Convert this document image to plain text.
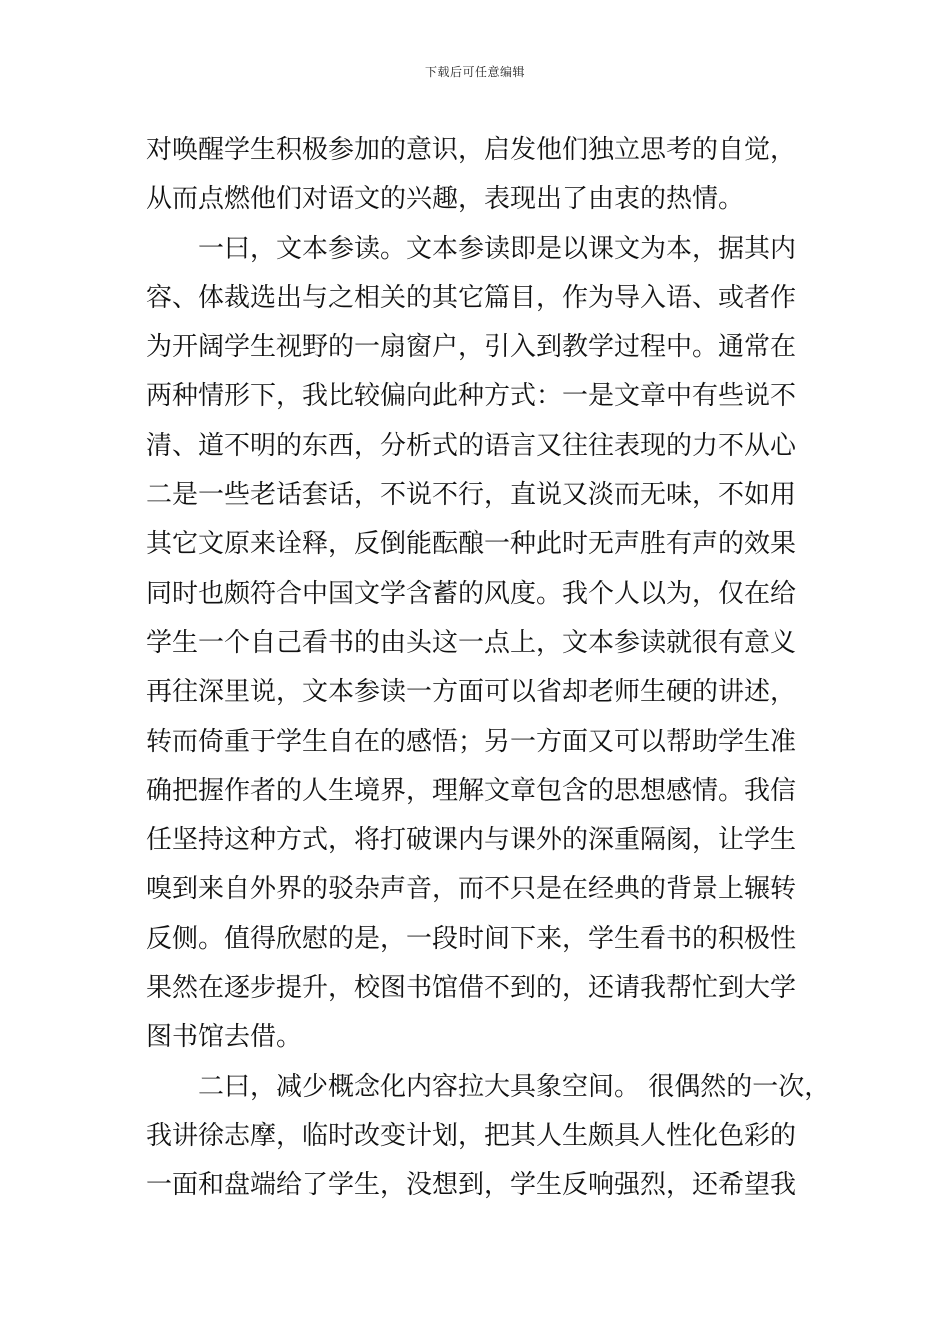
下载后可任意编辑
对唤醒学生积极参加的意识，启发他们独立思考的自觉，
从而点燃他们对语文的兴趣，表现出了由衷的热情。
　　一曰，文本参读。文本参读即是以课文为本，据其内
容、体裁选出与之相关的其它篇目，作为导入语、或者作
为开阔学生视野的一扇窗户，引入到教学过程中。通常在
两种情形下，我比较偏向此种方式：一是文章中有些说不
清、道不明的东西，分析式的语言又往往表现的力不从心
二是一些老话套话，不说不行，直说又淡而无味，不如用
其它文原来诠释，反倒能酝酿一种此时无声胜有声的效果
同时也颇符合中国文学含蓄的风度。我个人以为，仅在给
学生一个自己看书的由头这一点上，文本参读就很有意义
再往深里说，文本参读一方面可以省却老师生硬的讲述，
转而倚重于学生自在的感悟；另一方面又可以帮助学生准
确把握作者的人生境界，理解文章包含的思想感情。我信
任坚持这种方式，将打破课内与课外的深重隔阂，让学生
嗅到来自外界的驳杂声音，而不只是在经典的背景上辗转
反侧。值得欣慰的是，一段时间下来，学生看书的积极性
果然在逐步提升，校图书馆借不到的，还请我帮忙到大学
图书馆去借。
　　二曰，减少概念化内容拉大具象空间。 很偶然的一次，
我讲徐志摩，临时改变计划，把其人生颇具人性化色彩的
一面和盘端给了学生，没想到，学生反响强烈，还希望我
